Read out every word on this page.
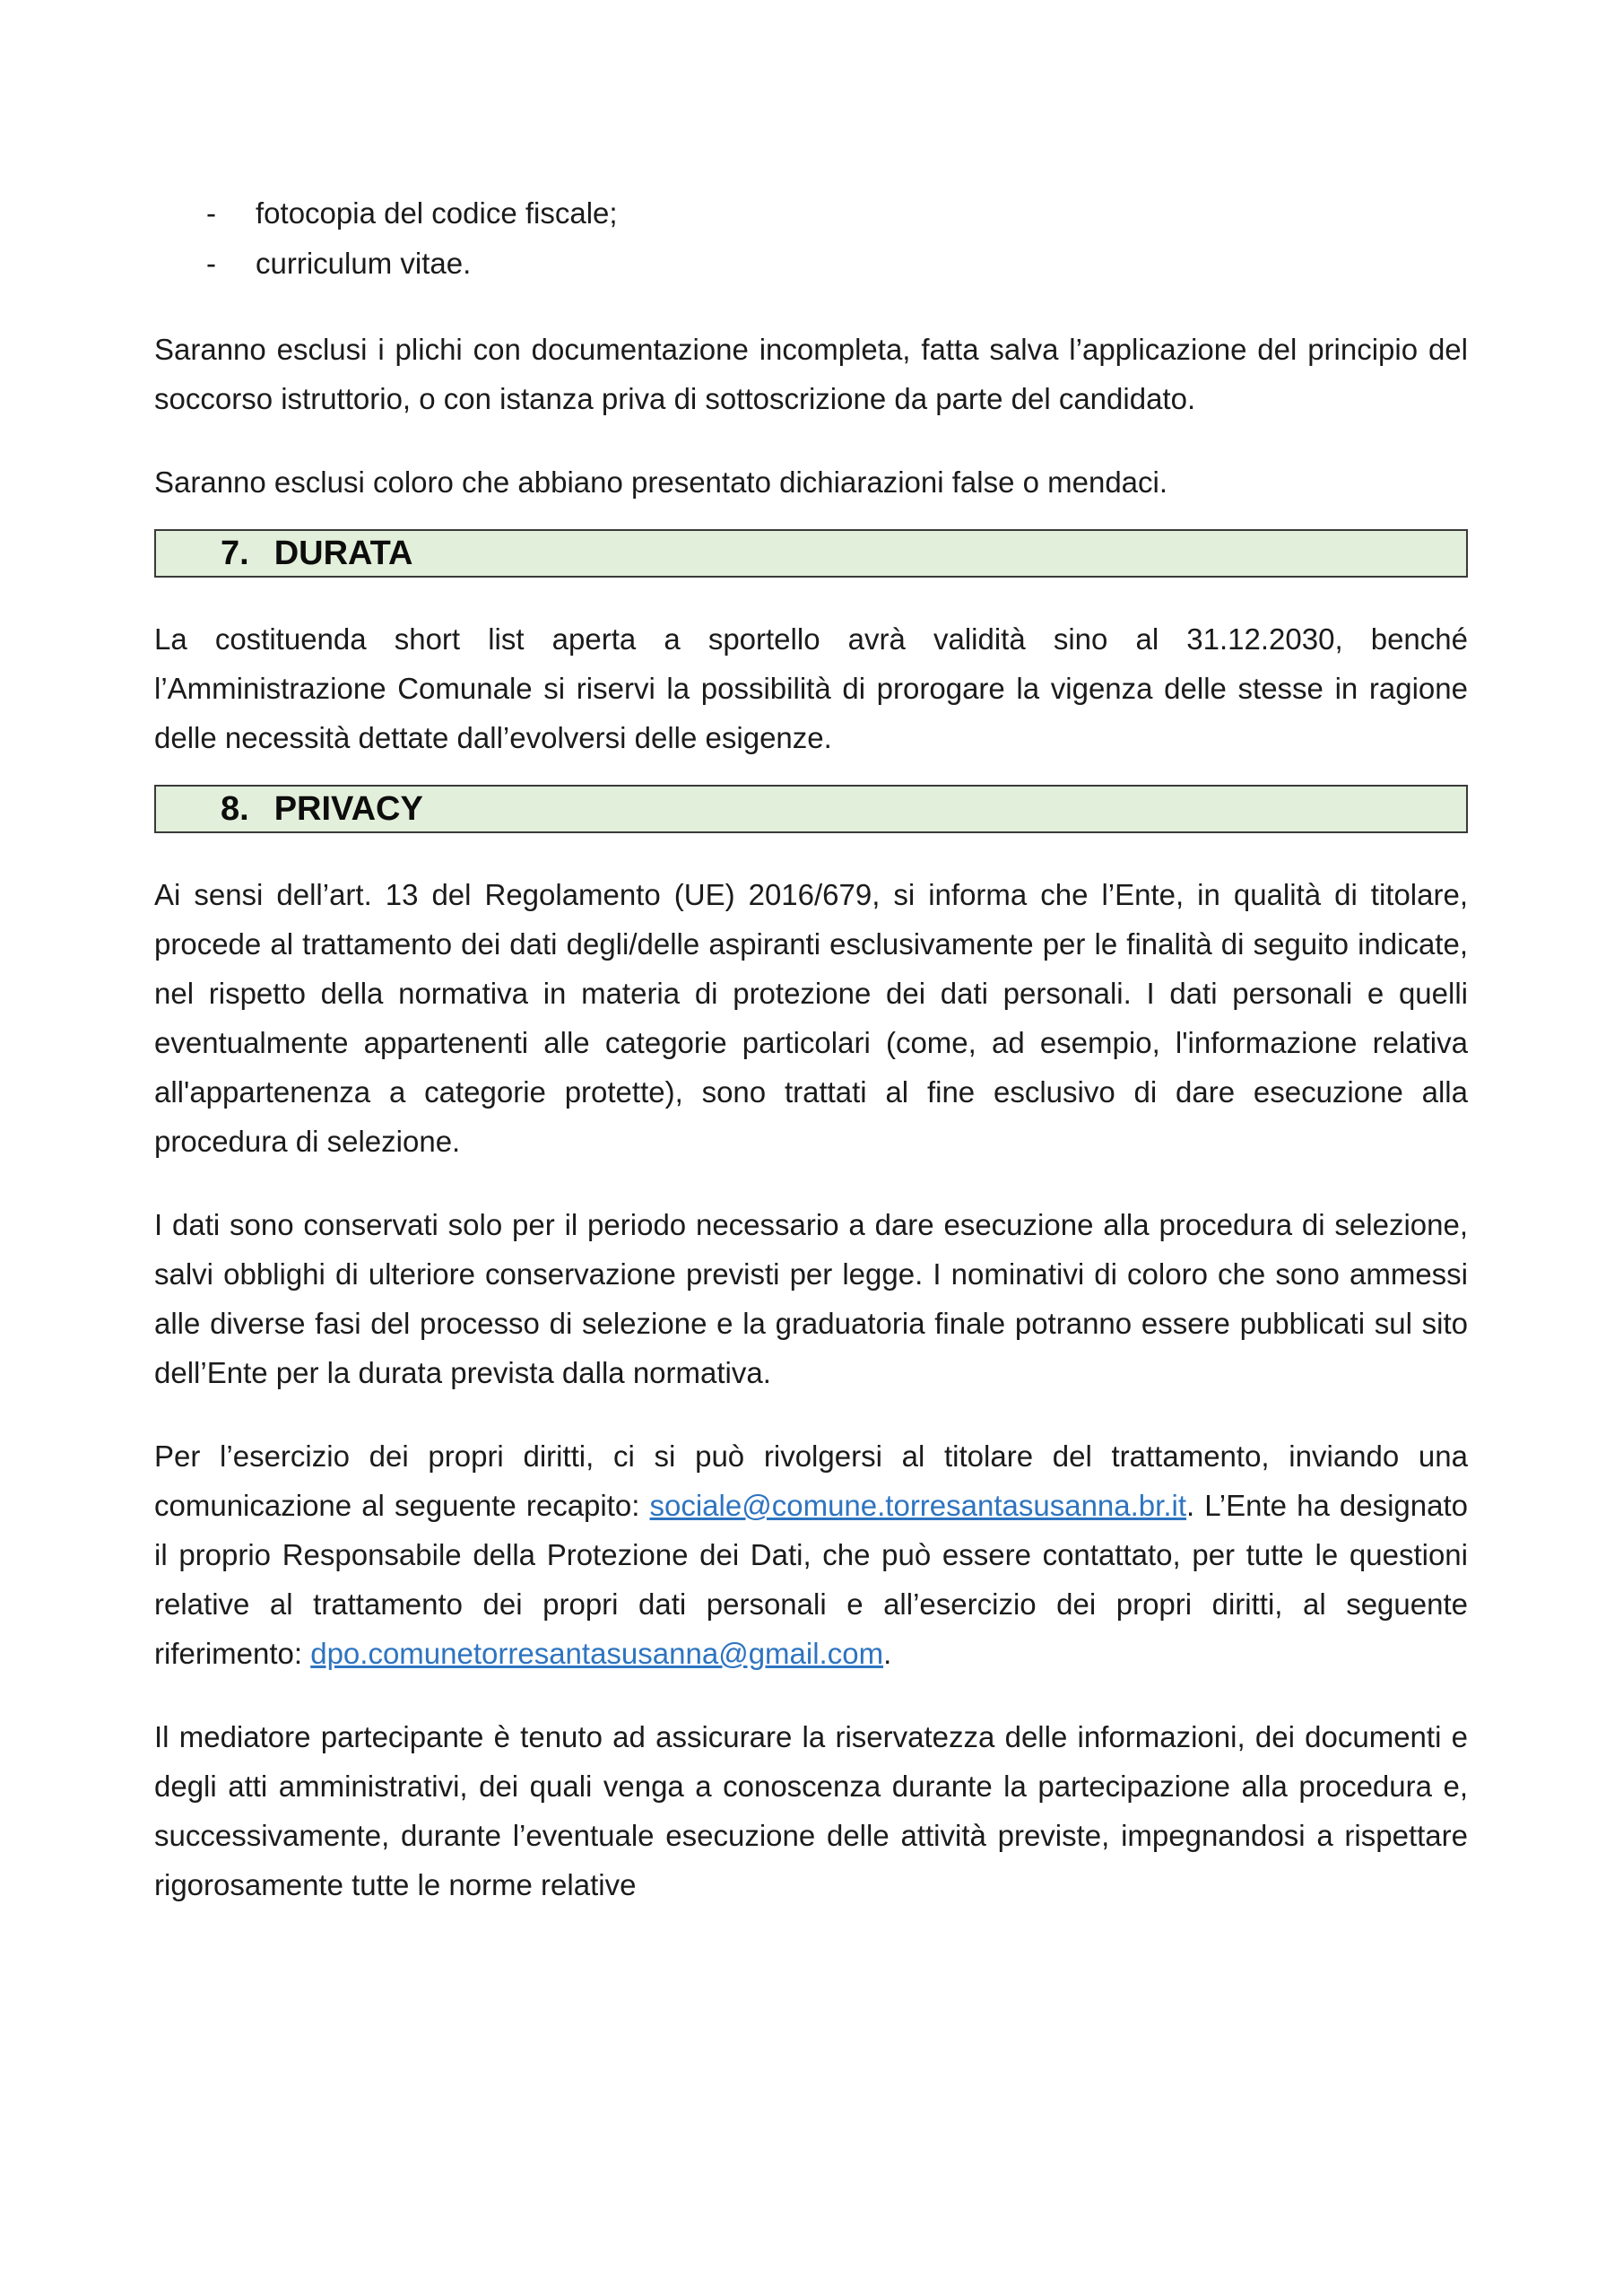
-	fotocopia del codice fiscale;
-	curriculum vitae.

Saranno esclusi i plichi con documentazione incompleta, fatta salva l’applicazione del principio del soccorso istruttorio, o con istanza priva di sottoscrizione da parte del candidato.

Saranno esclusi coloro che abbiano presentato dichiarazioni false o mendaci.

7. DURATA

La costituenda short list aperta a sportello avrà validità sino al 31.12.2030, benché l’Amministrazione Comunale si riservi la possibilità di prorogare la vigenza delle stesse in ragione delle necessità dettate dall’evolversi delle esigenze.

8. PRIVACY

Ai sensi dell’art. 13 del Regolamento (UE) 2016/679, si informa che l’Ente, in qualità di titolare, procede al trattamento dei dati degli/delle aspiranti esclusivamente per le finalità di seguito indicate, nel rispetto della normativa in materia di protezione dei dati personali. I dati personali e quelli eventualmente appartenenti alle categorie particolari (come, ad esempio, l'informazione relativa all'appartenenza a categorie protette), sono trattati al fine esclusivo di dare esecuzione alla procedura di selezione.

I dati sono conservati solo per il periodo necessario a dare esecuzione alla procedura di selezione, salvi obblighi di ulteriore conservazione previsti per legge. I nominativi di coloro che sono ammessi alle diverse fasi del processo di selezione e la graduatoria finale potranno essere pubblicati sul sito dell’Ente per la durata prevista dalla normativa.

Per l’esercizio dei propri diritti, ci si può rivolgersi al titolare del trattamento, inviando una comunicazione al seguente recapito: sociale@comune.torresantasusanna.br.it. L’Ente ha designato il proprio Responsabile della Protezione dei Dati, che può essere contattato, per tutte le questioni relative al trattamento dei propri dati personali e all’esercizio dei propri diritti, al seguente riferimento: dpo.comunetorresantasusanna@gmail.com.

Il mediatore partecipante è tenuto ad assicurare la riservatezza delle informazioni, dei documenti e degli atti amministrativi, dei quali venga a conoscenza durante la partecipazione alla procedura e, successivamente, durante l’eventuale esecuzione delle attività previste, impegnandosi a rispettare rigorosamente tutte le norme relative
